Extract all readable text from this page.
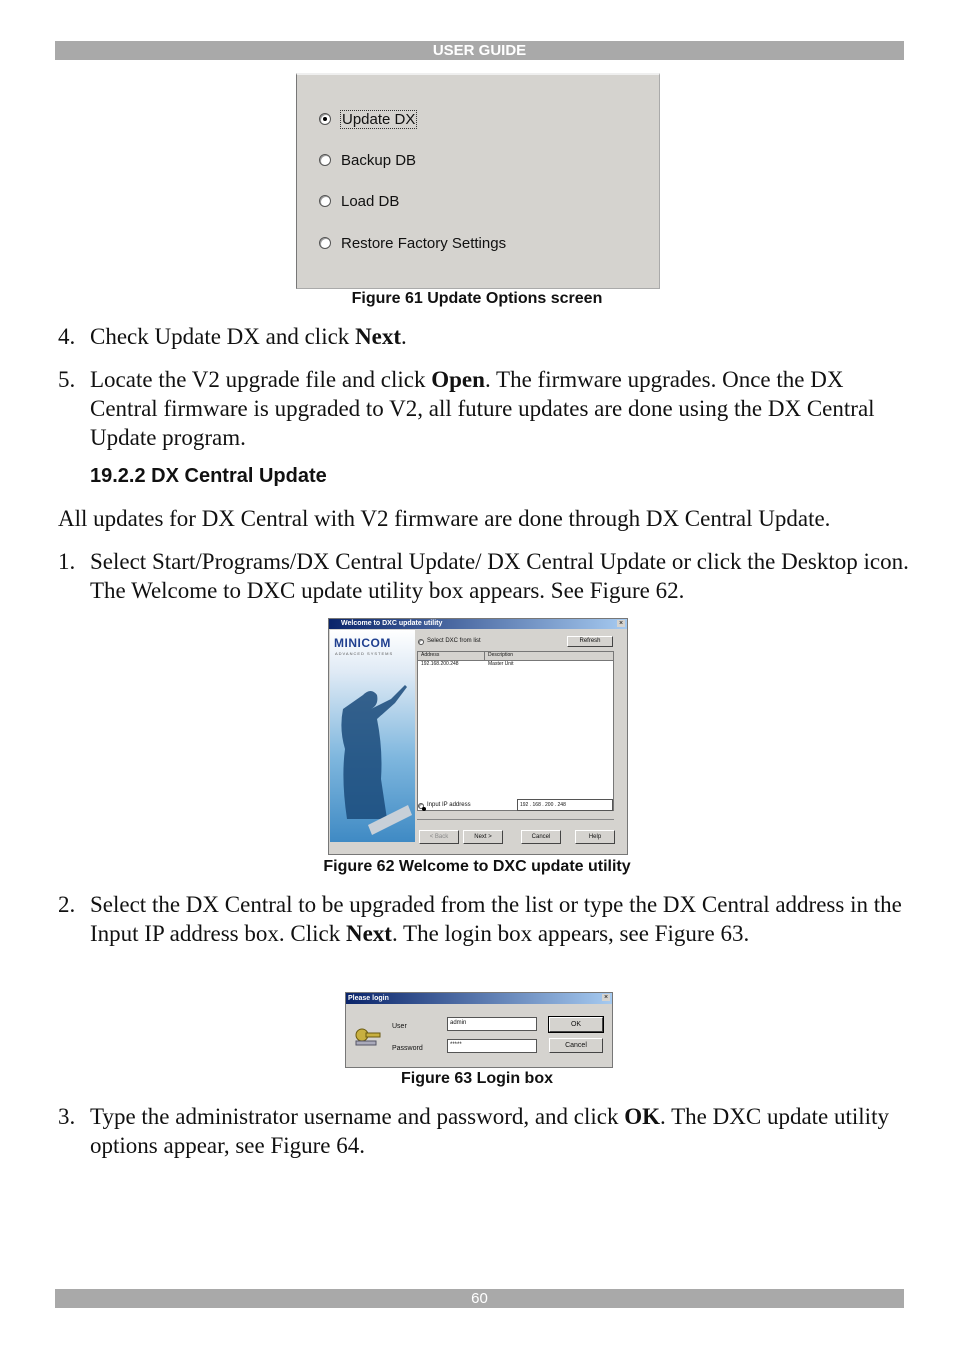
USER GUIDE
Update DX
Backup DB
Load DB
Restore Factory Settings
Figure 61 Update Options screen
4. Check Update DX and click Next.
5. Locate the V2 upgrade file and click Open. The firmware upgrades. Once the DX Central firmware is upgraded to V2, all future updates are done using the DX Central Update program.
19.2.2 DX Central Update
All updates for DX Central with V2 firmware are done through DX Central Update.
1. Select Start/Programs/DX Central Update/ DX Central Update or click the Desktop icon. The Welcome to DXC update utility box appears. See Figure 62.
Welcome to DXC update utility	×
MINICOM
ADVANCED SYSTEMS
Select DXC from list	Refresh
Address	Description
192.168.200.248	Master Unit
Input IP address	192 . 168 . 200 . 248
< Back	Next >	Cancel	Help
Figure 62 Welcome to DXC update utility
2. Select the DX Central to be upgraded from the list or type the DX Central address in the Input IP address box. Click Next. The login box appears, see Figure 63.
Please login	×
User
Password
admin
*****
OK
Cancel
Figure 63 Login box
3. Type the administrator username and password, and click OK. The DXC update utility options appear, see Figure 64.
60
